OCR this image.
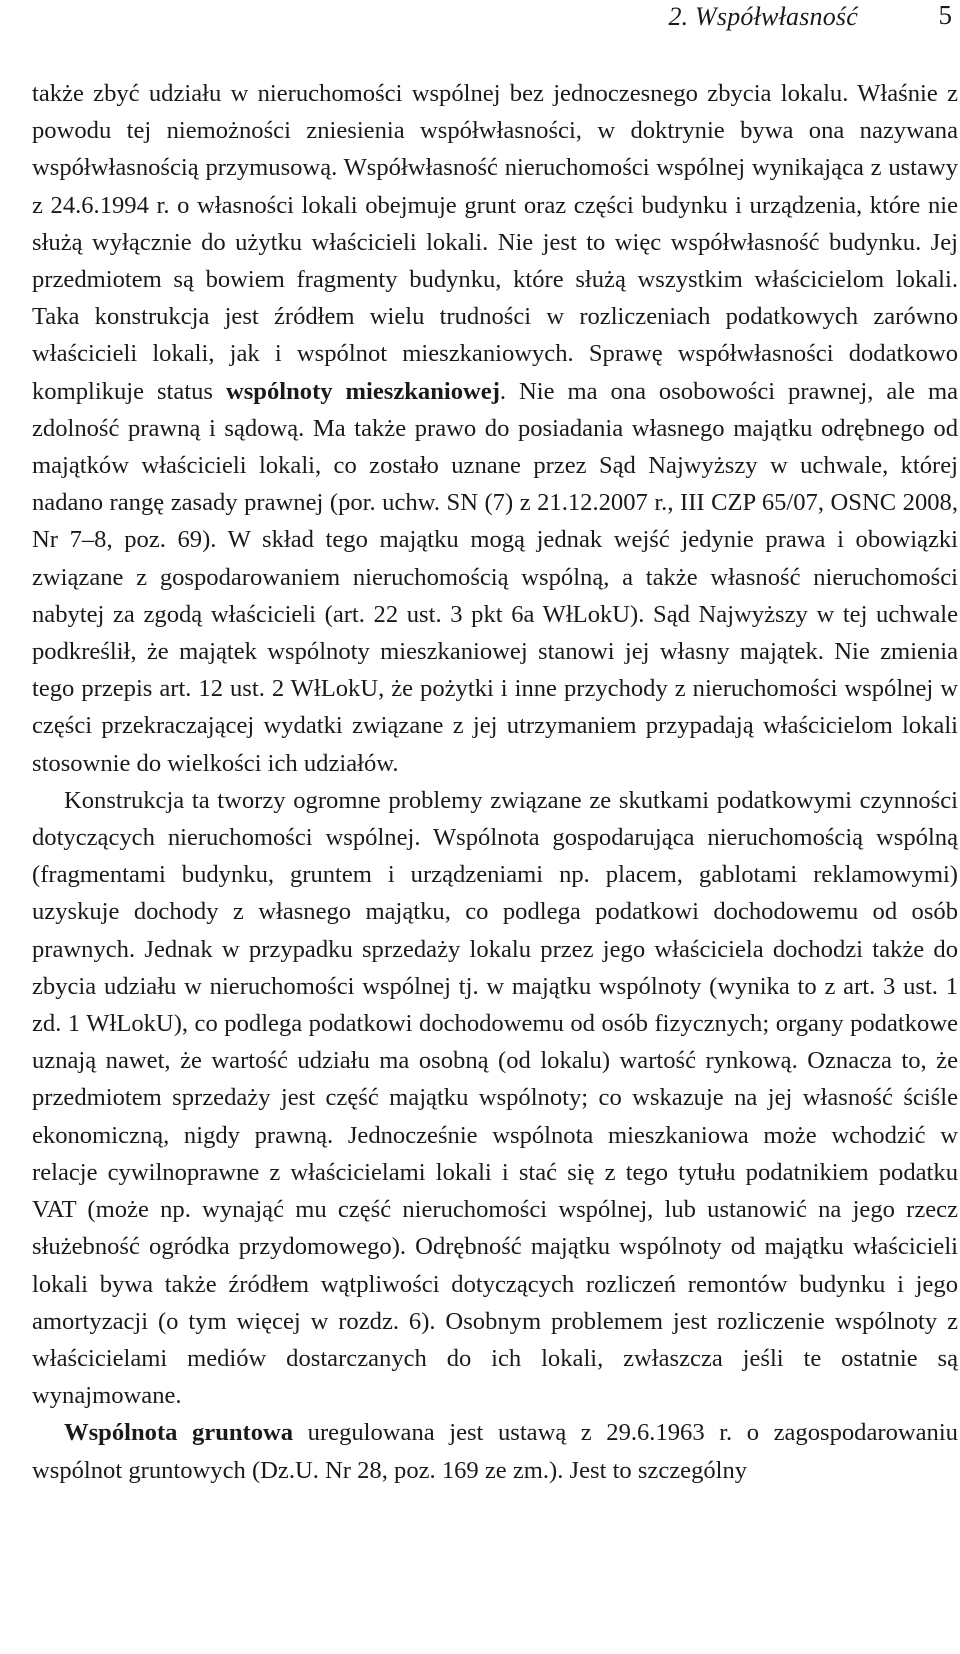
2. Współwłasność	5

także zbyć udziału w nieruchomości wspólnej bez jednoczesnego zbycia lokalu. Właśnie z powodu tej niemożności zniesienia współwłasności, w doktrynie bywa ona nazywana współwłasnością przymusową. Współwłasność nieruchomości wspólnej wynikająca z ustawy z 24.6.1994 r. o własności lokali obejmuje grunt oraz części budynku i urządzenia, które nie służą wyłącznie do użytku właścicieli lokali. Nie jest to więc współwłasność budynku. Jej przedmiotem są bowiem fragmenty budynku, które służą wszystkim właścicielom lokali. Taka konstrukcja jest źródłem wielu trudności w rozliczeniach podatkowych zarówno właścicieli lokali, jak i wspólnot mieszkaniowych. Sprawę współwłasności dodatkowo komplikuje status wspólnoty mieszkaniowej. Nie ma ona osobowości prawnej, ale ma zdolność prawną i sądową. Ma także prawo do posiadania własnego majątku odrębnego od majątków właścicieli lokali, co zostało uznane przez Sąd Najwyższy w uchwale, której nadano rangę zasady prawnej (por. uchw. SN (7) z 21.12.2007 r., III CZP 65/07, OSNC 2008, Nr 7–8, poz. 69). W skład tego majątku mogą jednak wejść jedynie prawa i obowiązki związane z gospodarowaniem nieruchomością wspólną, a także własność nieruchomości nabytej za zgodą właścicieli (art. 22 ust. 3 pkt 6a WłLokU). Sąd Najwyższy w tej uchwale podkreślił, że majątek wspólnoty mieszkaniowej stanowi jej własny majątek. Nie zmienia tego przepis art. 12 ust. 2 WłLokU, że pożytki i inne przychody z nieruchomości wspólnej w części przekraczającej wydatki związane z jej utrzymaniem przypadają właścicielom lokali stosownie do wielkości ich udziałów.

Konstrukcja ta tworzy ogromne problemy związane ze skutkami podatkowymi czynności dotyczących nieruchomości wspólnej. Wspólnota gospodarująca nieruchomością wspólną (fragmentami budynku, gruntem i urządzeniami np. placem, gablotami reklamowymi) uzyskuje dochody z własnego majątku, co podlega podatkowi dochodowemu od osób prawnych. Jednak w przypadku sprzedaży lokalu przez jego właściciela dochodzi także do zbycia udziału w nieruchomości wspólnej tj. w majątku wspólnoty (wynika to z art. 3 ust. 1 zd. 1 WłLokU), co podlega podatkowi dochodowemu od osób fizycznych; organy podatkowe uznają nawet, że wartość udziału ma osobną (od lokalu) wartość rynkową. Oznacza to, że przedmiotem sprzedaży jest część majątku wspólnoty; co wskazuje na jej własność ściśle ekonomiczną, nigdy prawną. Jednocześnie wspólnota mieszkaniowa może wchodzić w relacje cywilnoprawne z właścicielami lokali i stać się z tego tytułu podatnikiem podatku VAT (może np. wynająć mu część nieruchomości wspólnej, lub ustanowić na jego rzecz służebność ogródka przydomowego). Odrębność majątku wspólnoty od majątku właścicieli lokali bywa także źródłem wątpliwości dotyczących rozliczeń remontów budynku i jego amortyzacji (o tym więcej w rozdz. 6). Osobnym problemem jest rozliczenie wspólnoty z właścicielami mediów dostarczanych do ich lokali, zwłaszcza jeśli te ostatnie są wynajmowane.

Wspólnota gruntowa uregulowana jest ustawą z 29.6.1963 r. o zagospodarowaniu wspólnot gruntowych (Dz.U. Nr 28, poz. 169 ze zm.). Jest to szczególny
